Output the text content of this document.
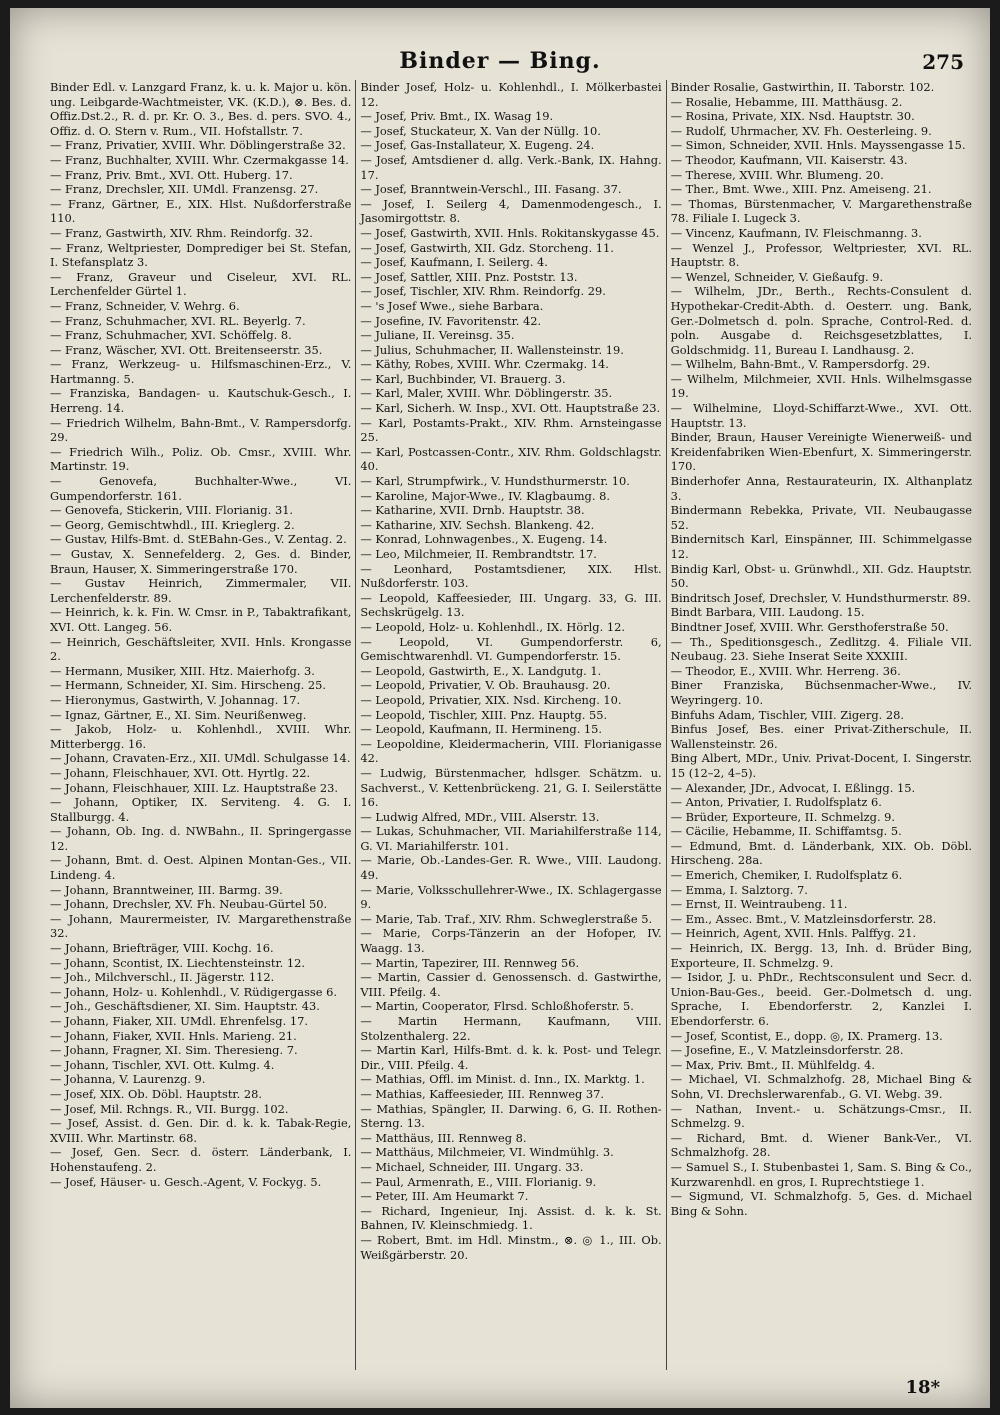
Binder — Bing.	275
Binder Edl. v. Lanzgard Franz, k. u. k. Major u. kön. ung. Leibgarde-Wachtmeister, VK. (K.D.), ⊗. Bes. d. Offiz.Dst.2., R. d. pr. Kr. O. 3., Bes. d. pers. SVO. 4., Offiz. d. O. Stern v. Rum., VII. Hofstallstr. 7.
— Franz, Privatier, XVIII. Whr. Döblingerstraße 32.
— Franz, Buchhalter, XVIII. Whr. Czermakgasse 14.
— Franz, Priv. Bmt., XVI. Ott. Huberg. 17.
— Franz, Drechsler, XII. UMdl. Franzensg. 27.
— Franz, Gärtner, E., XIX. Hlst. Nußdorferstraße 110.
— Franz, Gastwirth, XIV. Rhm. Reindorfg. 32.
— Franz, Weltpriester, Domprediger bei St. Stefan, I. Stefansplatz 3.
— Franz, Graveur und Ciseleur, XVI. RL. Lerchenfelder Gürtel 1.
— Franz, Schneider, V. Wehrg. 6.
— Franz, Schuhmacher, XVI. RL. Beyerlg. 7.
— Franz, Schuhmacher, XVI. Schöffelg. 8.
— Franz, Wäscher, XVI. Ott. Breitenseerstr. 35.
— Franz, Werkzeug- u. Hilfsmaschinen-Erz., V. Hartmanng. 5.
— Franziska, Bandagen- u. Kautschuk-Gesch., I. Herreng. 14.
— Friedrich Wilhelm, Bahn-Bmt., V. Rampersdorfg. 29.
— Friedrich Wilh., Poliz. Ob. Cmsr., XVIII. Whr. Martinstr. 19.
— Genovefa, Buchhalter-Wwe., VI. Gumpendorferstr. 161.
— Genovefa, Stickerin, VIII. Florianig. 31.
— Georg, Gemischtwhdl., III. Krieglerg. 2.
— Gustav, Hilfs-Bmt. d. StEBahn-Ges., V. Zentag. 2.
— Gustav, X. Sennefelderg. 2, Ges. d. Binder, Braun, Hauser, X. Simmeringerstraße 170.
— Gustav Heinrich, Zimmermaler, VII. Lerchenfelderstr. 89.
— Heinrich, k. k. Fin. W. Cmsr. in P., Tabaktrafikant, XVI. Ott. Langeg. 56.
— Heinrich, Geschäftsleiter, XVII. Hnls. Krongasse 2.
— Hermann, Musiker, XIII. Htz. Maierhofg. 3.
— Hermann, Schneider, XI. Sim. Hirscheng. 25.
— Hieronymus, Gastwirth, V. Johannag. 17.
— Ignaz, Gärtner, E., XI. Sim. Neurißenweg.
— Jakob, Holz- u. Kohlenhdl., XVIII. Whr. Mitterbergg. 16.
— Johann, Cravaten-Erz., XII. UMdl. Schulgasse 14.
— Johann, Fleischhauer, XVI. Ott. Hyrtlg. 22.
— Johann, Fleischhauer, XIII. Lz. Hauptstraße 23.
— Johann, Optiker, IX. Serviteng. 4. G. I. Stallburgg. 4.
— Johann, Ob. Ing. d. NWBahn., II. Springergasse 12.
— Johann, Bmt. d. Oest. Alpinen Montan-Ges., VII. Lindeng. 4.
— Johann, Branntweiner, III. Barmg. 39.
— Johann, Drechsler, XV. Fh. Neubau-Gürtel 50.
— Johann, Maurermeister, IV. Margarethenstraße 32.
— Johann, Briefträger, VIII. Kochg. 16.
— Johann, Scontist, IX. Liechtensteinstr. 12.
— Joh., Milchverschl., II. Jägerstr. 112.
— Johann, Holz- u. Kohlenhdl., V. Rüdigergasse 6.
— Joh., Geschäftsdiener, XI. Sim. Hauptstr. 43.
— Johann, Fiaker, XII. UMdl. Ehrenfelsg. 17.
— Johann, Fiaker, XVII. Hnls. Marieng. 21.
— Johann, Fragner, XI. Sim. Theresieng. 7.
— Johann, Tischler, XVI. Ott. Kulmg. 4.
— Johanna, V. Laurenzg. 9.
— Josef, XIX. Ob. Döbl. Hauptstr. 28.
— Josef, Mil. Rchngs. R., VII. Burgg. 102.
— Josef, Assist. d. Gen. Dir. d. k. k. Tabak-Regie, XVIII. Whr. Martinstr. 68.
— Josef, Gen. Secr. d. österr. Länderbank, I. Hohenstaufeng. 2.
— Josef, Häuser- u. Gesch.-Agent, V. Fockyg. 5.
Binder Josef, Holz- u. Kohlenhdl., I. Mölkerbastei 12.
— Josef, Priv. Bmt., IX. Wasag 19.
— Josef, Stuckateur, X. Van der Nüllg. 10.
— Josef, Gas-Installateur, X. Eugeng. 24.
— Josef, Amtsdiener d. allg. Verk.-Bank, IX. Hahng. 17.
— Josef, Branntwein-Verschl., III. Fasang. 37.
— Josef, I. Seilerg 4, Damenmodengesch., I. Jasomirgottstr. 8.
— Josef, Gastwirth, XVII. Hnls. Rokitanskygasse 45.
— Josef, Gastwirth, XII. Gdz. Storcheng. 11.
— Josef, Kaufmann, I. Seilerg. 4.
— Josef, Sattler, XIII. Pnz. Poststr. 13.
— Josef, Tischler, XIV. Rhm. Reindorfg. 29.
— 's Josef Wwe., siehe Barbara.
— Josefine, IV. Favoritenstr. 42.
— Juliane, II. Vereinsg. 35.
— Julius, Schuhmacher, II. Wallensteinstr. 19.
— Käthy, Robes, XVIII. Whr. Czermakg. 14.
— Karl, Buchbinder, VI. Brauerg. 3.
— Karl, Maler, XVIII. Whr. Döblingerstr. 35.
— Karl, Sicherh. W. Insp., XVI. Ott. Hauptstraße 23.
— Karl, Postamts-Prakt., XIV. Rhm. Arnsteingasse 25.
— Karl, Postcassen-Contr., XIV. Rhm. Goldschlagstr. 40.
— Karl, Strumpfwirk., V. Hundsthurmerstr. 10.
— Karoline, Major-Wwe., IV. Klagbaumg. 8.
— Katharine, XVII. Drnb. Hauptstr. 38.
— Katharine, XIV. Sechsh. Blankeng. 42.
— Konrad, Lohnwagenbes., X. Eugeng. 14.
— Leo, Milchmeier, II. Rembrandtstr. 17.
— Leonhard, Postamtsdiener, XIX. Hlst. Nußdorferstr. 103.
— Leopold, Kaffeesieder, III. Ungarg. 33, G. III. Sechskrügelg. 13.
— Leopold, Holz- u. Kohlenhdl., IX. Hörlg. 12.
— Leopold, VI. Gumpendorferstr. 6, Gemischtwarenhdl. VI. Gumpendorferstr. 15.
— Leopold, Gastwirth, E., X. Landgutg. 1.
— Leopold, Privatier, V. Ob. Brauhausg. 20.
— Leopold, Privatier, XIX. Nsd. Kircheng. 10.
— Leopold, Tischler, XIII. Pnz. Hauptg. 55.
— Leopold, Kaufmann, II. Hermineng. 15.
— Leopoldine, Kleidermacherin, VIII. Florianigasse 42.
— Ludwig, Bürstenmacher, hdlsger. Schätzm. u. Sachverst., V. Kettenbrückeng. 21, G. I. Seilerstätte 16.
— Ludwig Alfred, MDr., VIII. Alserstr. 13.
— Lukas, Schuhmacher, VII. Mariahilferstraße 114, G. VI. Mariahilferstr. 101.
— Marie, Ob.-Landes-Ger. R. Wwe., VIII. Laudong. 49.
— Marie, Volksschullehrer-Wwe., IX. Schlagergasse 9.
— Marie, Tab. Traf., XIV. Rhm. Schweglerstraße 5.
— Marie, Corps-Tänzerin an der Hofoper, IV. Waagg. 13.
— Martin, Tapezirer, III. Rennweg 56.
— Martin, Cassier d. Genossensch. d. Gastwirthe, VIII. Pfeilg. 4.
— Martin, Cooperator, Flrsd. Schloßhoferstr. 5.
— Martin Hermann, Kaufmann, VIII. Stolzenthalerg. 22.
— Martin Karl, Hilfs-Bmt. d. k. k. Post- und Telegr. Dir., VIII. Pfeilg. 4.
— Mathias, Offl. im Minist. d. Inn., IX. Marktg. 1.
— Mathias, Kaffeesieder, III. Rennweg 37.
— Mathias, Spängler, II. Darwing. 6, G. II. Rothen-Sterng. 13.
— Matthäus, III. Rennweg 8.
— Matthäus, Milchmeier, VI. Windmühlg. 3.
— Michael, Schneider, III. Ungarg. 33.
— Paul, Armenrath, E., VIII. Florianig. 9.
— Peter, III. Am Heumarkt 7.
— Richard, Ingenieur, Inj. Assist. d. k. k. St. Bahnen, IV. Kleinschmiedg. 1.
— Robert, Bmt. im Hdl. Minstm., ⊗. ◎ 1., III. Ob. Weißgärberstr. 20.
Binder Rosalie, Gastwirthin, II. Taborstr. 102.
— Rosalie, Hebamme, III. Matthäusg. 2.
— Rosina, Private, XIX. Nsd. Hauptstr. 30.
— Rudolf, Uhrmacher, XV. Fh. Oesterleing. 9.
— Simon, Schneider, XVII. Hnls. Mayssengasse 15.
— Theodor, Kaufmann, VII. Kaiserstr. 43.
— Therese, XVIII. Whr. Blumeng. 20.
— Ther., Bmt. Wwe., XIII. Pnz. Ameiseng. 21.
— Thomas, Bürstenmacher, V. Margarethenstraße 78. Filiale I. Lugeck 3.
— Vincenz, Kaufmann, IV. Fleischmanng. 3.
— Wenzel J., Professor, Weltpriester, XVI. RL. Hauptstr. 8.
— Wenzel, Schneider, V. Gießaufg. 9.
— Wilhelm, JDr., Berth., Rechts-Consulent d. Hypothekar-Credit-Abth. d. Oesterr. ung. Bank, Ger.-Dolmetsch d. poln. Sprache, Control-Red. d. poln. Ausgabe d. Reichsgesetzblattes, I. Goldschmidg. 11, Bureau I. Landhausg. 2.
— Wilhelm, Bahn-Bmt., V. Rampersdorfg. 29.
— Wilhelm, Milchmeier, XVII. Hnls. Wilhelmsgasse 19.
— Wilhelmine, Lloyd-Schiffarzt-Wwe., XVI. Ott. Hauptstr. 13.
Binder, Braun, Hauser Vereinigte Wienerweiß- und Kreidenfabriken Wien-Ebenfurt, X. Simmeringerstr. 170.
Binderhofer Anna, Restaurateurin, IX. Althanplatz 3.
Bindermann Rebekka, Private, VII. Neubaugasse 52.
Bindernitsch Karl, Einspänner, III. Schimmelgasse 12.
Bindig Karl, Obst- u. Grünwhdl., XII. Gdz. Hauptstr. 50.
Bindritsch Josef, Drechsler, V. Hundsthurmerstr. 89.
Bindt Barbara, VIII. Laudong. 15.
Bindtner Josef, XVIII. Whr. Gersthoferstraße 50.
— Th., Speditionsgesch., Zedlitzg. 4. Filiale VII. Neubaug. 23. Siehe Inserat Seite XXXIII.
— Theodor, E., XVIII. Whr. Herreng. 36.
Biner Franziska, Büchsenmacher-Wwe., IV. Weyringerg. 10.
Binfuhs Adam, Tischler, VIII. Zigerg. 28.
Binfus Josef, Bes. einer Privat-Zitherschule, II. Wallensteinstr. 26.
Bing Albert, MDr., Univ. Privat-Docent, I. Singerstr. 15 (12–2, 4–5).
— Alexander, JDr., Advocat, I. Eßlingg. 15.
— Anton, Privatier, I. Rudolfsplatz 6.
— Brüder, Exporteure, II. Schmelzg. 9.
— Cäcilie, Hebamme, II. Schiffamtsg. 5.
— Edmund, Bmt. d. Länderbank, XIX. Ob. Döbl. Hirscheng. 28a.
— Emerich, Chemiker, I. Rudolfsplatz 6.
— Emma, I. Salztorg. 7.
— Ernst, II. Weintraubeng. 11.
— Em., Assec. Bmt., V. Matzleinsdorferstr. 28.
— Heinrich, Agent, XVII. Hnls. Palffyg. 21.
— Heinrich, IX. Bergg. 13, Inh. d. Brüder Bing, Exporteure, II. Schmelzg. 9.
— Isidor, J. u. PhDr., Rechtsconsulent und Secr. d. Union-Bau-Ges., beeid. Ger.-Dolmetsch d. ung. Sprache, I. Ebendorferstr. 2, Kanzlei I. Ebendorferstr. 6.
— Josef, Scontist, E., dopp. ◎, IX. Pramerg. 13.
— Josefine, E., V. Matzleinsdorferstr. 28.
— Max, Priv. Bmt., II. Mühlfeldg. 4.
— Michael, VI. Schmalzhofg. 28, Michael Bing & Sohn, VI. Drechslerwarenfab., G. VI. Webg. 39.
— Nathan, Invent.- u. Schätzungs-Cmsr., II. Schmelzg. 9.
— Richard, Bmt. d. Wiener Bank-Ver., VI. Schmalzhofg. 28.
— Samuel S., I. Stubenbastei 1, Sam. S. Bing & Co., Kurzwarenhdl. en gros, I. Ruprechtstiege 1.
— Sigmund, VI. Schmalzhofg. 5, Ges. d. Michael Bing & Sohn.
18*
